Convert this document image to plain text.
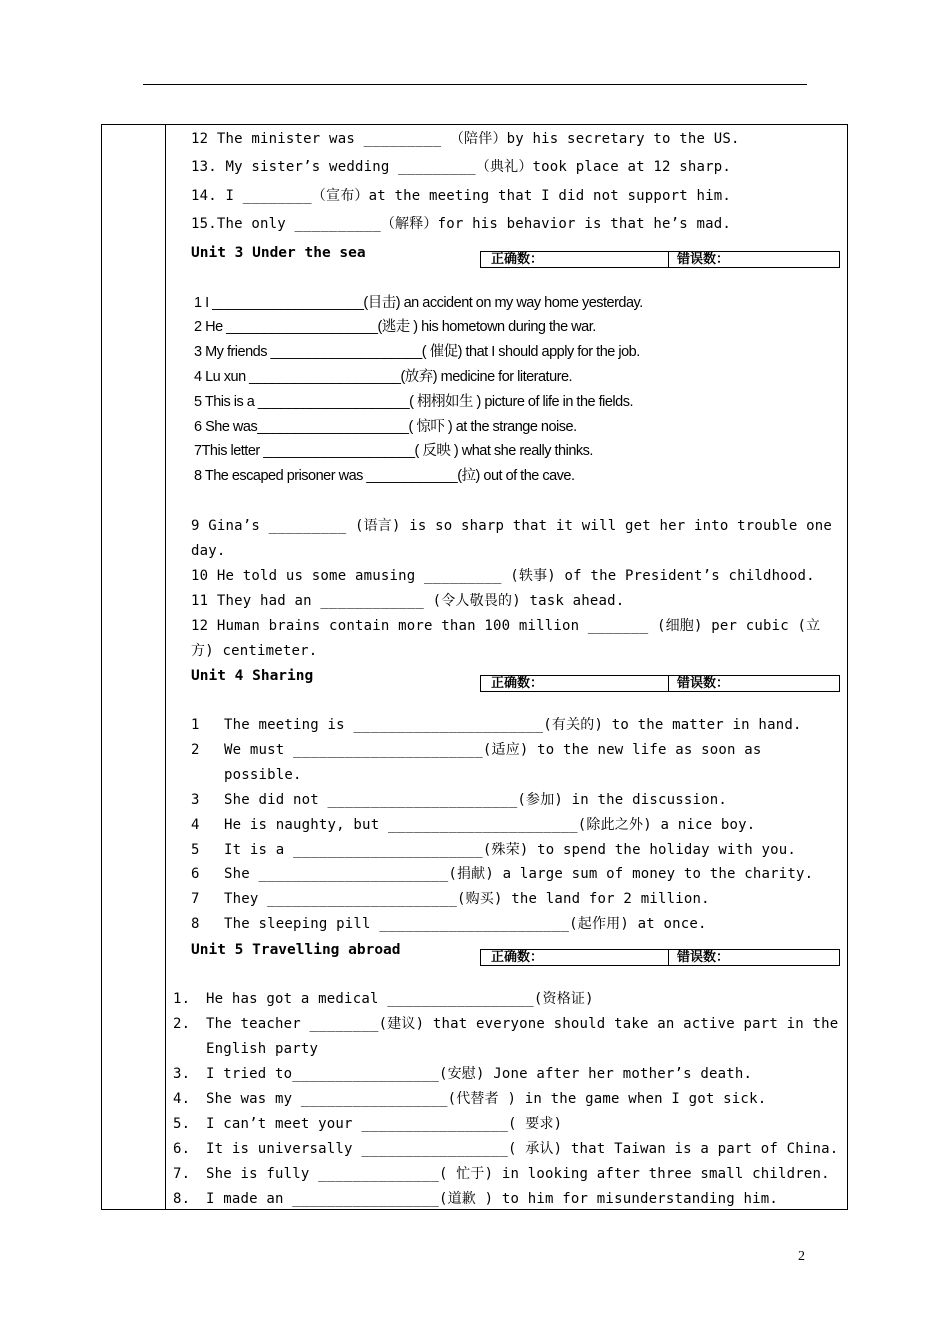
12 The minister was _________ （陪伴）by his secretary to the US.
13. My sister’s wedding _________（典礼）took place at 12 sharp.
14. I ________（宣布）at the meeting that I did not support him.
15.The only __________（解释）for his behavior is that he’s mad.
Unit 3 Under the sea	正确数：	错误数：
1 I ____________________(目击) an accident on my way home yesterday.
2 He ____________________(逃走 ) his hometown during the war.
3 My friends ____________________( 催促) that I should apply for the job.
4 Lu xun ____________________(放弃) medicine for literature.
5 This is a ____________________( 栩栩如生 ) picture of life in the fields.
6 She was____________________( 惊吓 ) at the strange noise.
7This letter ____________________( 反映 ) what she really thinks.
8 The escaped prisoner was ____________(拉) out of the cave.
9 Gina’s _________ (语言) is so sharp that it will get her into trouble one
day.
10 He told us some amusing _________ (轶事) of the President’s childhood.
11 They had an ____________ (令人敬畏的) task ahead.
12 Human brains contain more than 100 million _______ (细胞) per cubic (立
方) centimeter.
Unit 4 Sharing	正确数：	错误数：
1 The meeting is ______________________(有关的) to the matter in hand.
2 We must ______________________(适应) to the new life as soon as
possible.
3 She did not ______________________(参加) in the discussion.
4 He is naughty, but ______________________(除此之外) a nice boy.
5 It is a ______________________(殊荣) to spend the holiday with you.
6 She ______________________(捐献) a large sum of money to the charity.
7 They ______________________(购买) the land for 2 million.
8 The sleeping pill ______________________(起作用) at once.
Unit 5 Travelling abroad	正确数：	错误数：
1. He has got a medical _________________(资格证)
2. The teacher ________(建议) that everyone should take an active part in the
English party
3. I tried to_________________(安慰) Jone after her mother’s death.
4. She was my _________________(代替者 ) in the game when I got sick.
5. I can’t meet your _________________( 要求)
6. It is universally _________________( 承认) that Taiwan is a part of China.
7. She is fully ______________( 忙于) in looking after three small children.
8. I made an _________________(道歉 ) to him for misunderstanding him.
2
